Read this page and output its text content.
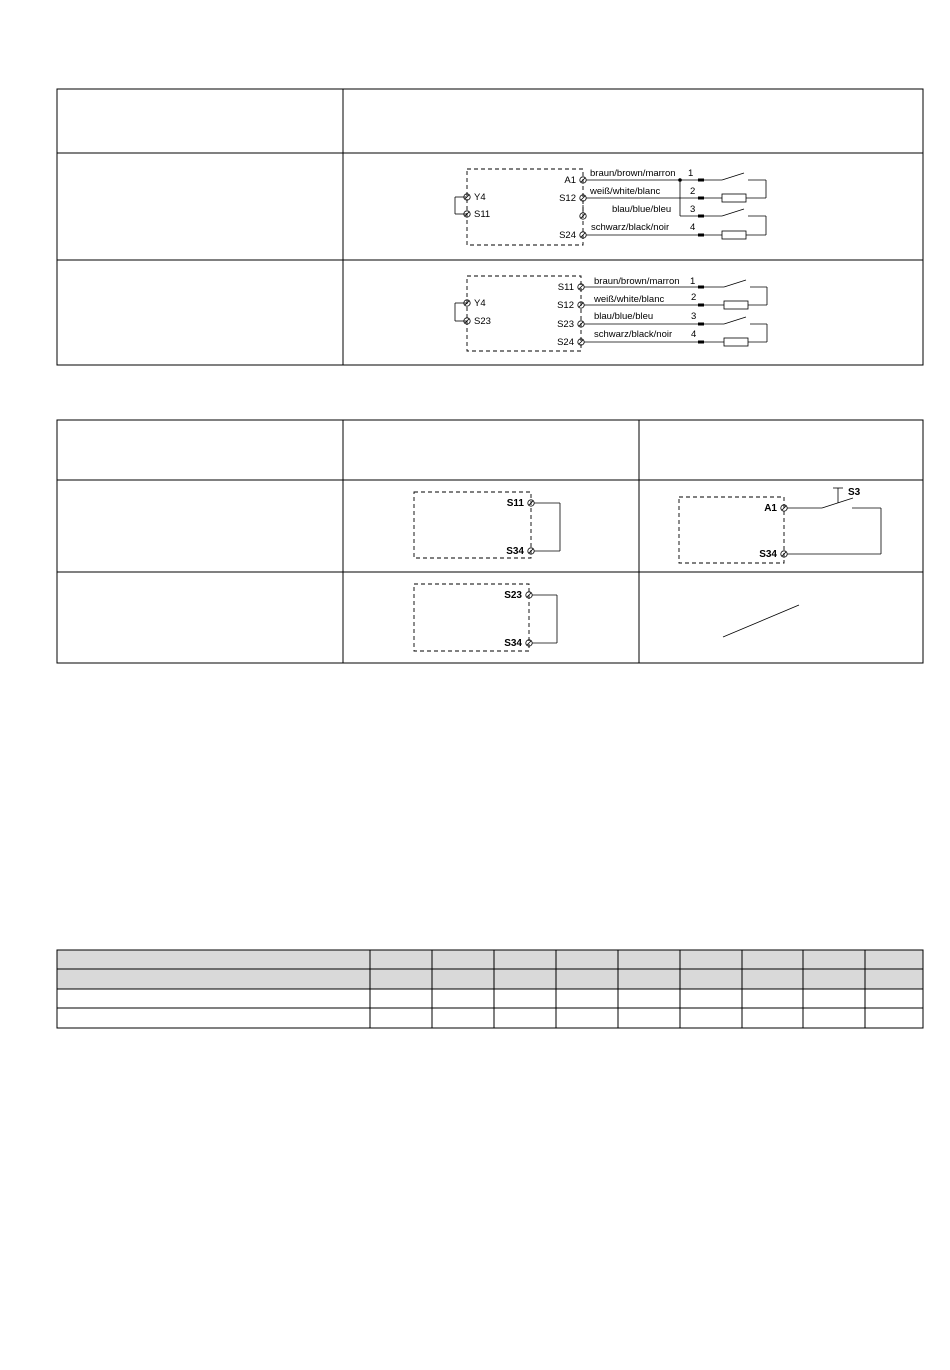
Y4
S11
A1
S12
S24
braun/brown/marron 1
weiß/white/blanc	2
blau/blue/bleu 3
schwarz/black/noir 4
Y4
S23
S11
S12
S23
S24
braun/brown/marron 1
weiß/white/blanc	2
blau/blue/bleu	3
schwarz/black/noir 4
S11
S34
A1
S34
S3
S23
S34
